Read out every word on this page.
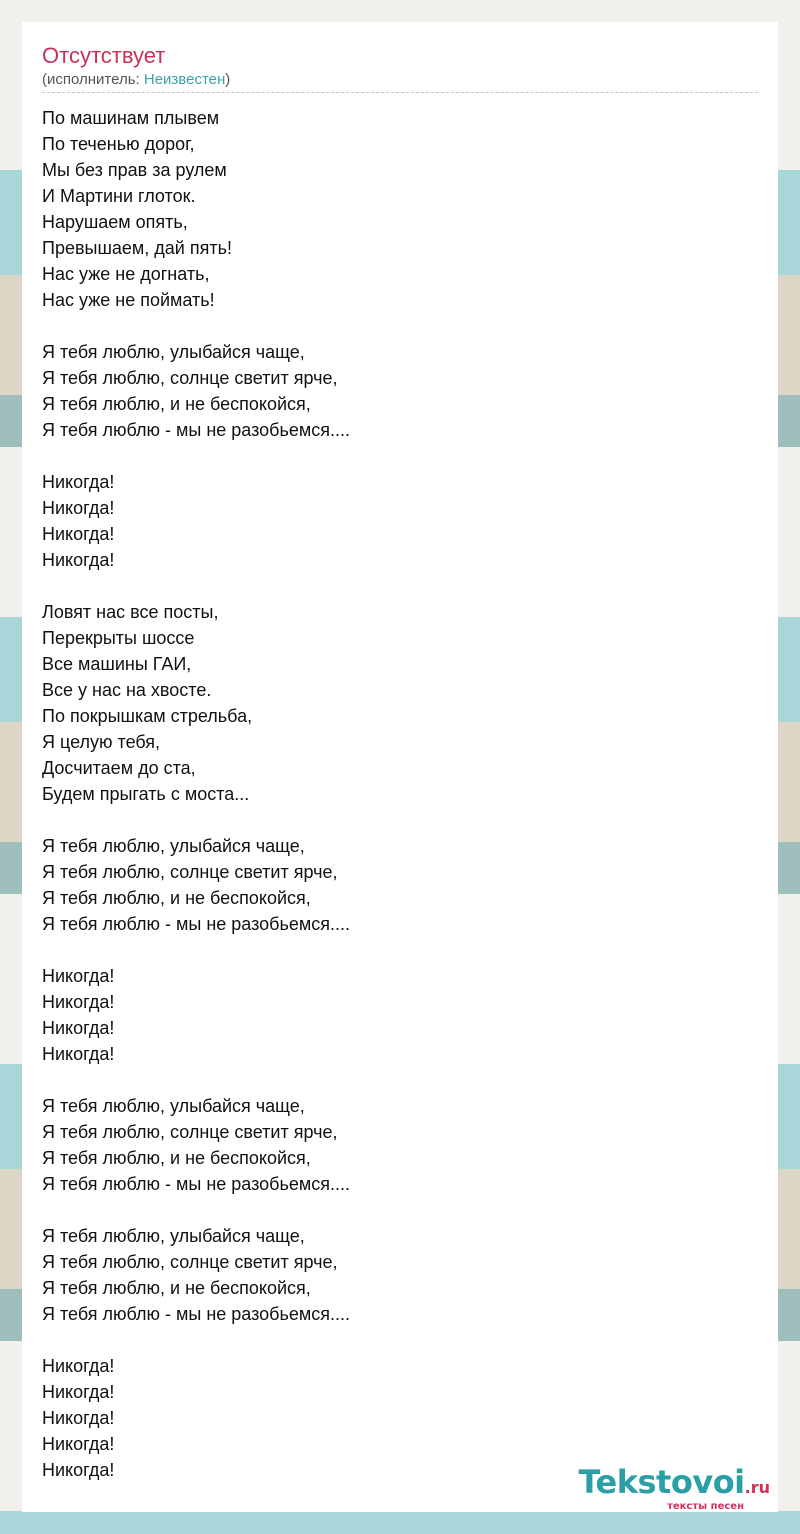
Отсутствует
(исполнитель: Неизвестен)
По машинам плывем
По теченью дорог,
Мы без прав за рулем
И Мартини глоток.
Нарушаем опять,
Превышаем, дай пять!
Нас уже не догнать,
Нас уже не поймать!
Я тебя люблю, улыбайся чаще,
Я тебя люблю, солнце светит ярче,
Я тебя люблю, и не беспокойся,
Я тебя люблю - мы не разобьемся....
Никогда!
Никогда!
Никогда!
Никогда!
Ловят нас все посты,
Перекрыты шоссе
Все машины ГАИ,
Все у нас на хвосте.
По покрышкам стрельба,
Я целую тебя,
Досчитаем до ста,
Будем прыгать с моста...
Я тебя люблю, улыбайся чаще,
Я тебя люблю, солнце светит ярче,
Я тебя люблю, и не беспокойся,
Я тебя люблю - мы не разобьемся....
Никогда!
Никогда!
Никогда!
Никогда!
Я тебя люблю, улыбайся чаще,
Я тебя люблю, солнце светит ярче,
Я тебя люблю, и не беспокойся,
Я тебя люблю - мы не разобьемся....
Я тебя люблю, улыбайся чаще,
Я тебя люблю, солнце светит ярче,
Я тебя люблю, и не беспокойся,
Я тебя люблю - мы не разобьемся....
Никогда!
Никогда!
Никогда!
Никогда!
Никогда!	Tekstovoi.ru
тексты песен
